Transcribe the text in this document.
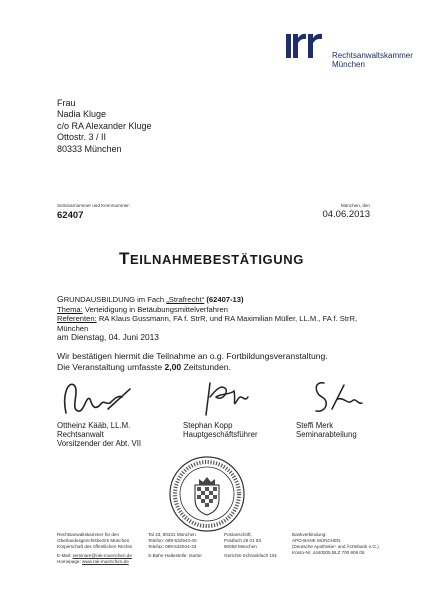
Rechtsanwaltskammer
München
Frau
Nadia Kluge
c/o RA Alexander Kluge
Ottostr. 3 / II
80333 München
Seminarnummer und Kennnummer:
62407
München, den
04.06.2013
TEILNAHMEBESTÄTIGUNG
GRUNDAUSBILDUNG im Fach „Strafrecht“ (62407-13)
Thema: Verteidigung in Betäubungsmittelverfahren
Referenten: RA Klaus Gussmann, FA f. StrR, und RA Maximilian Müller, LL.M., FA f. StrR, München
am Dienstag, 04. Juni 2013
Wir bestätigen hiermit die Teilnahme an o.g. Fortbildungsveranstaltung.
Die Veranstaltung umfasste 2,00 Zeitstunden.
Ottheinz Kääb, LL.M.
Rechtsanwalt
Vorsitzender der Abt. VII
Stephan Kopp
Hauptgeschäftsführer
Steffi Merk
Seminarabteilung
Rechtsanwaltskammer für den
Oberlandesgerichtsbezirk München
Körperschaft des öffentlichen Rechts
E-Mail: seminare@rak-muenchen.de
Homepage: www.rak-muenchen.de
Tal 33, 80331 München
Telefon: 089-532944-40
Telefax: 089-532944-33
S-Bahn-Haltestelle: Isartor
Postanschrift:
Postfach 26 01 63
80058 München
Gerichts-Schrankfach 191
Bankverbindung:
APO-BANK MÜNCHEN
(Deutsche Apotheker- und Ärztebank e.G.)
Konto-Nr. 4440005 BLZ 700 906 06
